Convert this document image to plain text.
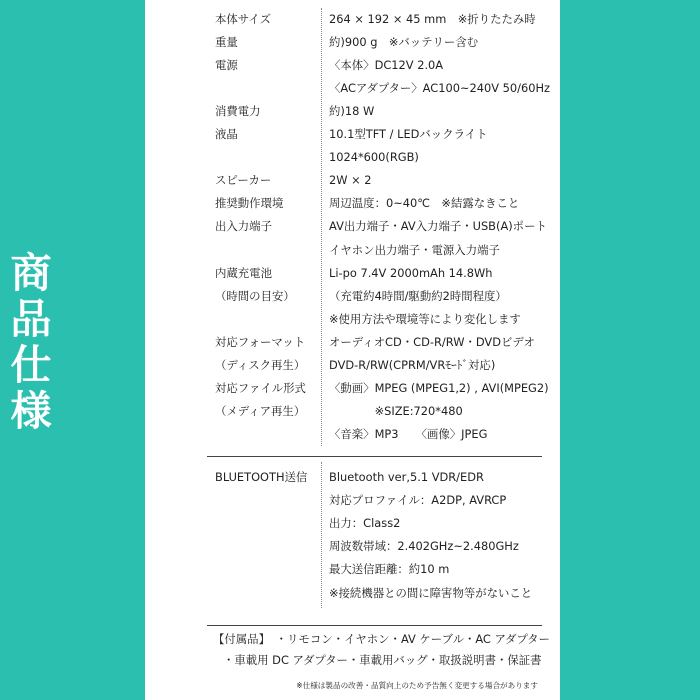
商
品
仕
様
本体サイズ	264 × 192 × 45 mm　※折りたたみ時
重量	約)900 g　※バッテリー含む
電源	〈本体〉DC12V 2.0A
〈ACアダプター〉AC100~240V 50/60Hz
消費電力	約)18 W
液晶	10.1型TFT / LEDバックライト
1024*600(RGB)
スピーカー	2W × 2
推奨動作環境	周辺温度：0~40℃　※結露なきこと
出入力端子	AV出力端子・AV入力端子・USB(A)ポート
イヤホン出力端子・電源入力端子
内蔵充電池	Li-po 7.4V 2000mAh 14.8Wh
（時間の目安）	（充電約4時間/駆動約2時間程度）
※使用方法や環境等により変化します
対応フォーマット オーディオCD・CD-R/RW・DVDビデオ
（ディスク再生） DVD-R/RW(CPRM/VRﾓｰﾄﾞ対応)
対応ファイル形式 〈動画〉MPEG (MPEG1,2) , AVI(MPEG2)
（メディア再生） 　　　　※SIZE:720*480
〈音楽〉MP3　　〈画像〉JPEG
BLUETOOTH送信 Bluetooth ver,5.1 VDR/EDR
対応プロファイル：A2DP, AVRCP
出力：Class2
周波数帯域：2.402GHz~2.480GHz
最大送信距離：約10 m
※接続機器との間に障害物等がないこと
【付属品】　・リモコン・イヤホン・AV ケーブル・AC アダプター
・車載用 DC アダプター・車載用バッグ・取扱説明書・保証書
※仕様は製品の改善・品質向上のため予告無く変更する場合があります
